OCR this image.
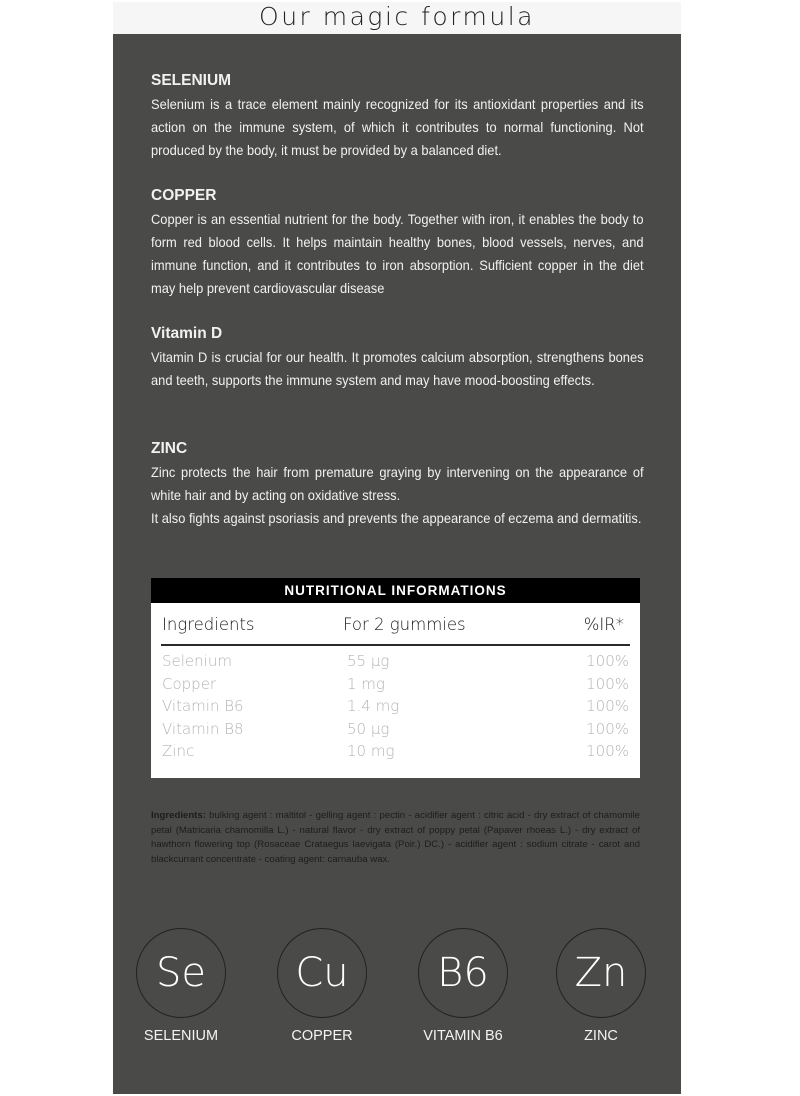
Our magic formula
SELENIUM

Selenium is a trace element mainly recognized for its antioxidant properties and its action on the immune system, of which it contributes to normal functioning. Not produced by the body, it must be provided by a balanced diet.

COPPER

Copper is an essential nutrient for the body. Together with iron, it enables the body to form red blood cells. It helps maintain healthy bones, blood vessels, nerves, and immune function, and it contributes to iron absorption. Sufficient copper in the diet may help prevent cardiovascular disease

Vitamin D

Vitamin D is crucial for our health. It promotes calcium absorption, strengthens bones and teeth, supports the immune system and may have mood-boosting effects.

ZINC

Zinc protects the hair from premature graying by intervening on the appearance of white hair and by acting on oxidative stress.

It also fights against psoriasis and prevents the appearance of eczema and dermatitis.

NUTRITIONAL INFORMATIONS
Ingredients	For 2 gummies	%IR*
Selenium	55 µg	100%
Copper	1 mg	100%
Vitamin B6	1.4 mg	100%
Vitamin B8	50 µg	100%
Zinc	10 mg	100%
Ingredients: bulking agent : maltitol - gelling agent : pectin - acidifier agent : citric acid - dry extract of chamomile petal (Matricaria chamomilla L.) - natural flavor - dry extract of poppy petal (Papaver rhoeas L.) - dry extract of hawthorn flowering top (Rosaceae Crataegus laevigata (Poir.) DC.) - acidifier agent : sodium citrate - carot and blackcurrant concentrate - coating agent: carnauba wax.
Se
SELENIUM
Cu
COPPER
B6
VITAMIN B6
Zn
ZINC
